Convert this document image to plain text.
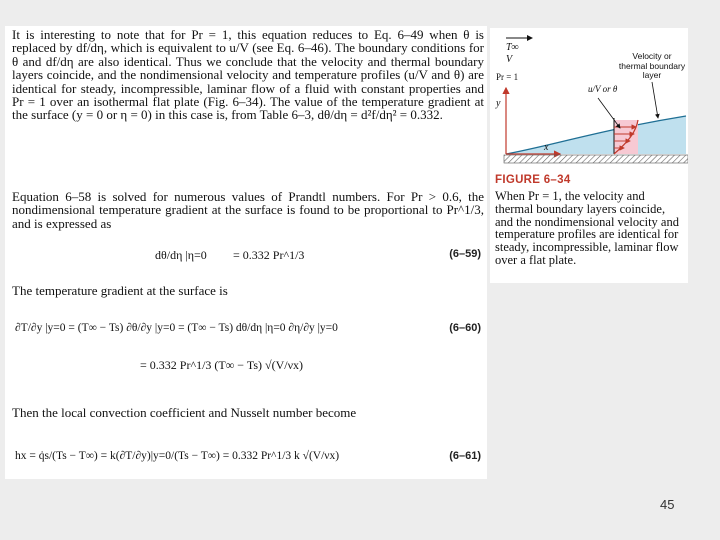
It is interesting to note that for Pr = 1, this equation reduces to Eq. 6–49 when θ is replaced by df/dη, which is equivalent to u/V (see Eq. 6–46). The boundary conditions for θ and df/dη are also identical. Thus we conclude that the velocity and thermal boundary layers coincide, and the nondimensional velocity and temperature profiles (u/V and θ) are identical for steady, incompressible, laminar flow of a fluid with constant properties and Pr = 1 over an isothermal flat plate (Fig. 6–34). The value of the temperature gradient at the surface (y = 0 or η = 0) in this case is, from Table 6–3, dθ/dη = d²f/dη² = 0.332.

Equation 6–58 is solved for numerous values of Prandtl numbers. For Pr > 0.6, the nondimensional temperature gradient at the surface is found to be proportional to Pr^1/3, and is expressed as

dθ/dη |η=0 = 0.332 Pr^1/3	(6–59)

The temperature gradient at the surface is

∂T/∂y |y=0 = (T∞ − Ts) ∂θ/∂y |y=0 = (T∞ − Ts) dθ/dη |η=0 ∂η/∂y |y=0
= 0.332 Pr^1/3 (T∞ − Ts) √(V/νx)
(6–60)

Then the local convection coefficient and Nusselt number become

hx = q̇s/(Ts − T∞) = k(∂T/∂y)|y=0/(Ts − T∞) = 0.332 Pr^1/3 k √(V/νx)	(6–61)
T∞
V
Pr = 1
y
x
u/V or θ
Velocity or thermal boundary layer
FIGURE 6–34
When Pr = 1, the velocity and thermal boundary layers coincide, and the nondimensional velocity and temperature profiles are identical for steady, incompressible, laminar flow over a flat plate.
45
